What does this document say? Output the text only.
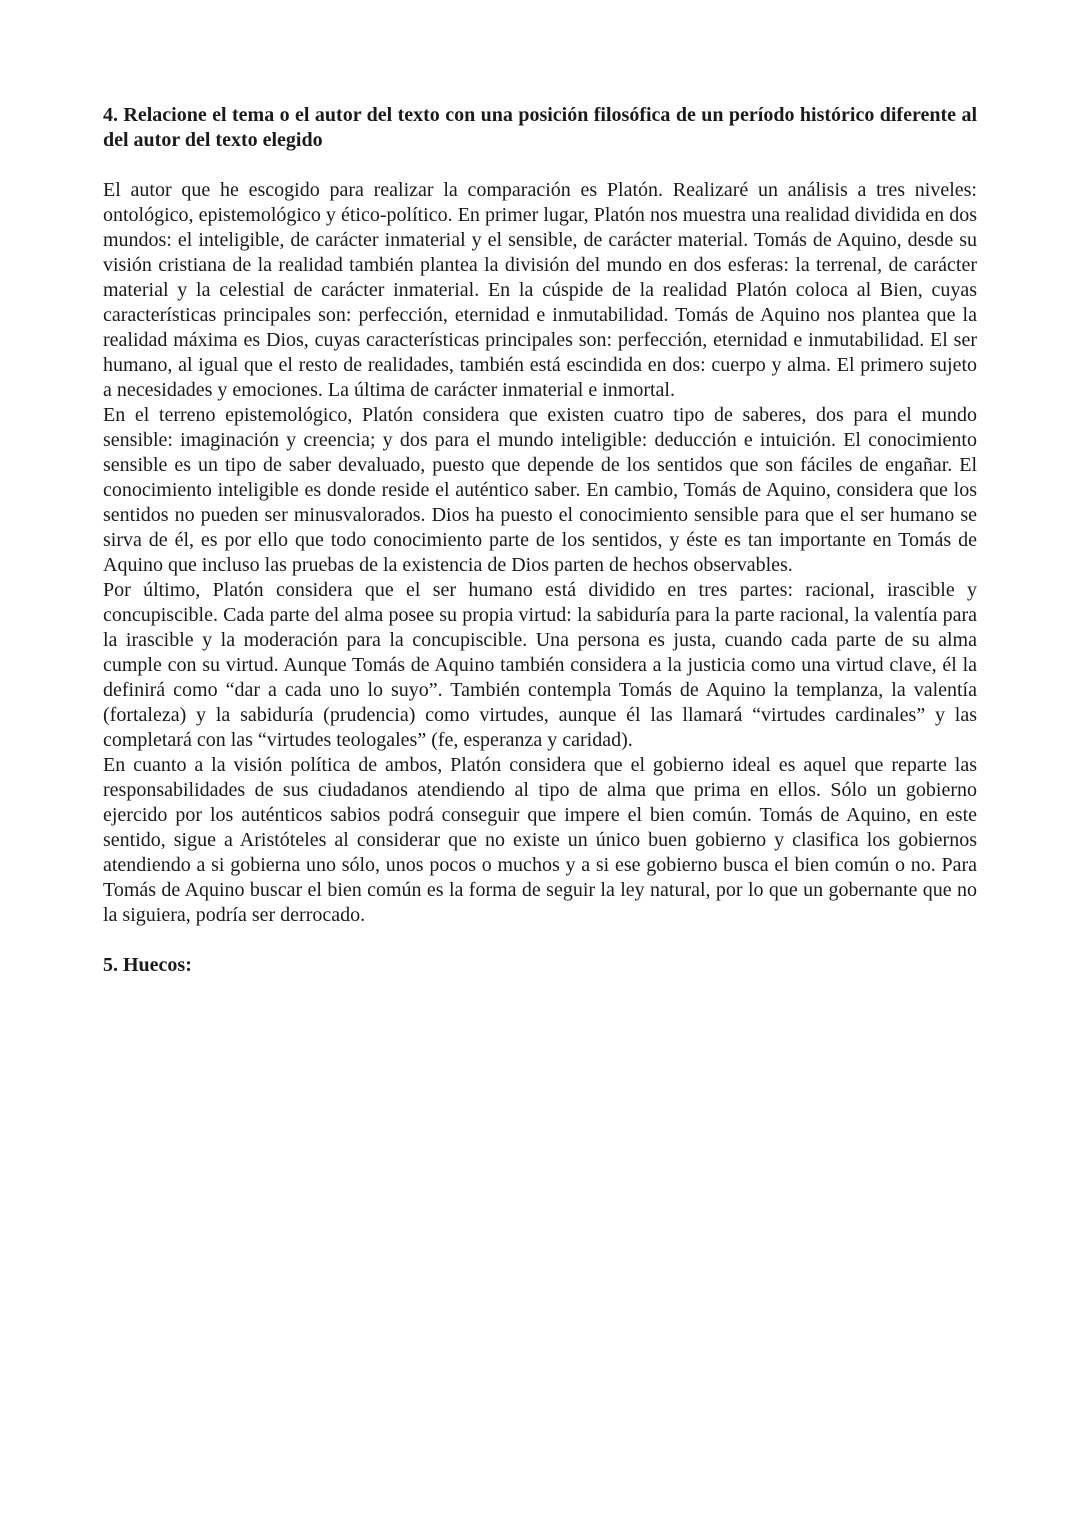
4. Relacione el tema o el autor del texto con una posición filosófica de un período histórico diferente al del autor del texto elegido

El autor que he escogido para realizar la comparación es Platón. Realizaré un análisis a tres niveles: ontológico, epistemológico y ético-político. En primer lugar, Platón nos muestra una realidad dividida en dos mundos: el inteligible, de carácter inmaterial y el sensible, de carácter material. Tomás de Aquino, desde su visión cristiana de la realidad también plantea la división del mundo en dos esferas: la terrenal, de carácter material y la celestial de carácter inmaterial. En la cúspide de la realidad Platón coloca al Bien, cuyas características principales son: perfección, eternidad e inmutabilidad. Tomás de Aquino nos plantea que la realidad máxima es Dios, cuyas características principales son: perfección, eternidad e inmutabilidad. El ser humano, al igual que el resto de realidades, también está escindida en dos: cuerpo y alma. El primero sujeto a necesidades y emociones. La última de carácter inmaterial e inmortal.

En el terreno epistemológico, Platón considera que existen cuatro tipo de saberes, dos para el mundo sensible: imaginación y creencia; y dos para el mundo inteligible: deducción e intuición. El conocimiento sensible es un tipo de saber devaluado, puesto que depende de los sentidos que son fáciles de engañar. El conocimiento inteligible es donde reside el auténtico saber. En cambio, Tomás de Aquino, considera que los sentidos no pueden ser minusvalorados. Dios ha puesto el conocimiento sensible para que el ser humano se sirva de él, es por ello que todo conocimiento parte de los sentidos, y éste es tan importante en Tomás de Aquino que incluso las pruebas de la existencia de Dios parten de hechos observables.

Por último, Platón considera que el ser humano está dividido en tres partes: racional, irascible y concupiscible. Cada parte del alma posee su propia virtud: la sabiduría para la parte racional, la valentía para la irascible y la moderación para la concupiscible. Una persona es justa, cuando cada parte de su alma cumple con su virtud. Aunque Tomás de Aquino también considera a la justicia como una virtud clave, él la definirá como “dar a cada uno lo suyo”. También contempla Tomás de Aquino la templanza, la valentía (fortaleza) y la sabiduría (prudencia) como virtudes, aunque él las llamará “virtudes cardinales” y las completará con las “virtudes teologales” (fe, esperanza y caridad).

En cuanto a la visión política de ambos, Platón considera que el gobierno ideal es aquel que reparte las responsabilidades de sus ciudadanos atendiendo al tipo de alma que prima en ellos. Sólo un gobierno ejercido por los auténticos sabios podrá conseguir que impere el bien común. Tomás de Aquino, en este sentido, sigue a Aristóteles al considerar que no existe un único buen gobierno y clasifica los gobiernos atendiendo a si gobierna uno sólo, unos pocos o muchos y a si ese gobierno busca el bien común o no. Para Tomás de Aquino buscar el bien común es la forma de seguir la ley natural, por lo que un gobernante que no la siguiera, podría ser derrocado.

5. Huecos:
